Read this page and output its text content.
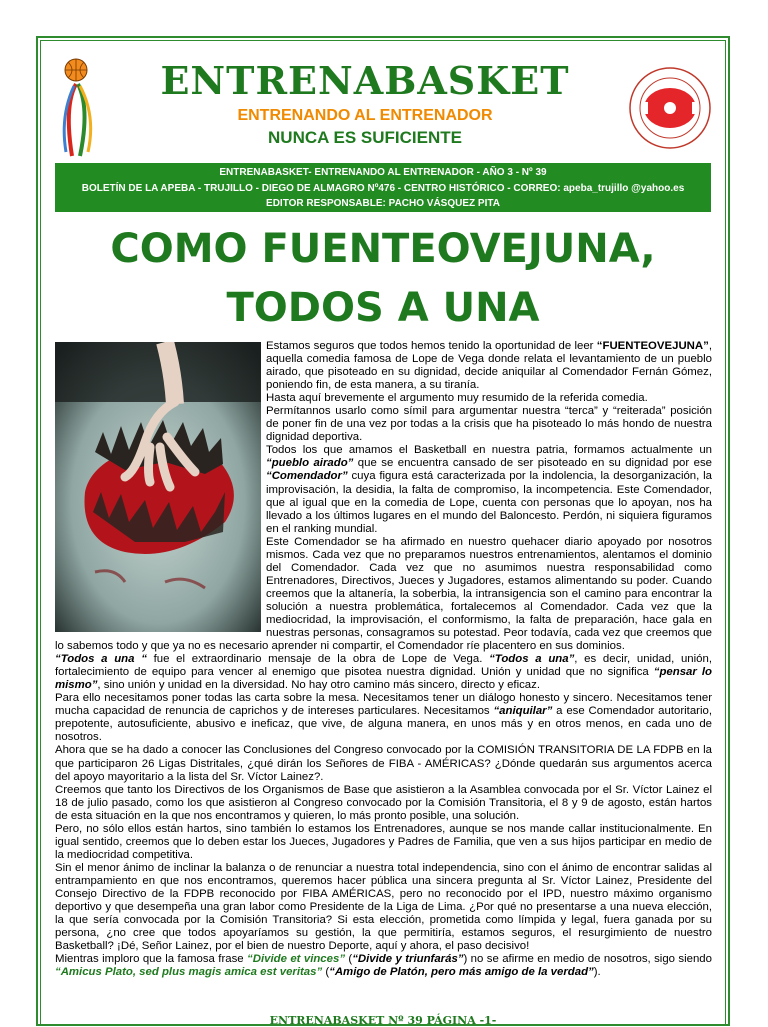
ENTRENABASKET
ENTRENANDO AL ENTRENADOR
NUNCA ES SUFICIENTE
ENTRENABASKET- ENTRENANDO AL ENTRENADOR - AÑO 3 - Nº 39
BOLETÍN DE LA APEBA - TRUJILLO - DIEGO DE ALMAGRO Nº476 - CENTRO HISTÓRICO - CORREO: apeba_trujillo @yahoo.es
EDITOR RESPONSABLE: PACHO VÁSQUEZ PITA
COMO FUENTEOVEJUNA,
TODOS A UNA

Estamos seguros que todos hemos tenido la oportunidad de leer “FUENTEOVEJUNA”, aquella comedia famosa de Lope de Vega donde relata el levantamiento de un pueblo airado, que pisoteado en su dignidad, decide aniquilar al Comendador Fernán Gómez, poniendo fin, de esta manera, a su tiranía.

Hasta aquí brevemente el argumento muy resumido de la referida comedia.

Permítannos usarlo como símil para argumentar nuestra “terca” y “reiterada” posición de poner fin de una vez por todas a la crisis que ha pisoteado lo más hondo de nuestra dignidad deportiva.

Todos los que amamos el Basketball en nuestra patria, formamos actualmente un “pueblo airado” que se encuentra cansado de ser pisoteado en su dignidad por ese “Comendador” cuya figura está caracterizada por la indolencia, la desorganización, la improvisación, la desidia, la falta de compromiso, la incompetencia. Este Comendador, que al igual que en la comedia de Lope, cuenta con personas que lo apoyan, nos ha llevado a los últimos lugares en el mundo del Baloncesto. Perdón, ni siquiera figuramos en el ranking mundial.

Este Comendador se ha afirmado en nuestro quehacer diario apoyado por nosotros mismos. Cada vez que no preparamos nuestros entrenamientos, alentamos el dominio del Comendador. Cada vez que no asumimos nuestra responsabilidad como Entrenadores, Directivos, Jueces y Jugadores, estamos alimentando su poder. Cuando creemos que la altanería, la soberbia, la intransigencia son el camino para encontrar la solución a nuestra problemática, fortalecemos al Comendador. Cada vez que la mediocridad, la improvisación, el conformismo, la falta de preparación, hace gala en nuestras personas, consagramos su potestad. Peor todavía, cada vez que creemos que lo sabemos todo y que ya no es necesario aprender ni compartir, el Comendador ríe placentero en sus dominios.

“Todos a una “ fue el extraordinario mensaje de la obra de Lope de Vega. “Todos a una”, es decir, unidad, unión, fortalecimiento de equipo para vencer al enemigo que pisotea nuestra dignidad. Unión y unidad que no significa “pensar lo mismo”, sino unión y unidad en la diversidad. No hay otro camino más sincero, directo y eficaz.

Para ello necesitamos poner todas las carta sobre la mesa. Necesitamos tener un diálogo honesto y sincero. Necesitamos tener mucha capacidad de renuncia de caprichos y de intereses particulares. Necesitamos “aniquilar” a ese Comendador autoritario, prepotente, autosuficiente, abusivo e ineficaz, que vive, de alguna manera, en unos más y en otros menos, en cada uno de nosotros.

Ahora que se ha dado a conocer las Conclusiones del Congreso convocado por la COMISIÓN TRANSITORIA DE LA FDPB en la que participaron 26 Ligas Distritales, ¿qué dirán los Señores de FIBA - AMÉRICAS? ¿Dónde quedarán sus argumentos acerca del apoyo mayoritario a la lista del Sr. Víctor Lainez?.

Creemos que tanto los Directivos de los Organismos de Base que asistieron a la Asamblea convocada por el Sr. Víctor Lainez el 18 de julio pasado, como los que asistieron al Congreso convocado por la Comisión Transitoria, el 8 y 9 de agosto, están hartos de esta situación en la que nos encontramos y quieren, lo más pronto posible, una solución.

Pero, no sólo ellos están hartos, sino también lo estamos los Entrenadores, aunque se nos mande callar institucionalmente. En igual sentido, creemos que lo deben estar los Jueces, Jugadores y Padres de Familia, que ven a sus hijos participar en medio de la mediocridad competitiva.

Sin el menor ánimo de inclinar la balanza o de renunciar a nuestra total independencia, sino con el ánimo de encontrar salidas al entrampamiento en que nos encontramos, queremos hacer pública una sincera pregunta al Sr. Víctor Lainez, Presidente del Consejo Directivo de la FDPB reconocido por FIBA AMÉRICAS, pero no reconocido por el IPD, nuestro máximo organismo deportivo y que desempeña una gran labor como Presidente de la Liga de Lima. ¿Por qué no presentarse a una nueva elección, la que sería convocada por la Comisión Transitoria? Si esta elección, prometida como límpida y legal, fuera ganada por su persona, ¿no cree que todos apoyaríamos su gestión, la que permitiría, estamos seguros, el resurgimiento de nuestro Basketball? ¡Dé, Señor Lainez, por el bien de nuestro Deporte, aquí y ahora, el paso decisivo!

Mientras imploro que la famosa frase “Divide et vinces” (“Divide y triunfarás”) no se afirme en medio de nosotros, sigo siendo “Amicus Plato, sed plus magis amica est veritas” (“Amigo de Platón, pero más amigo de la verdad”).

ENTRENABASKET Nº 39 PÁGINA -1-
